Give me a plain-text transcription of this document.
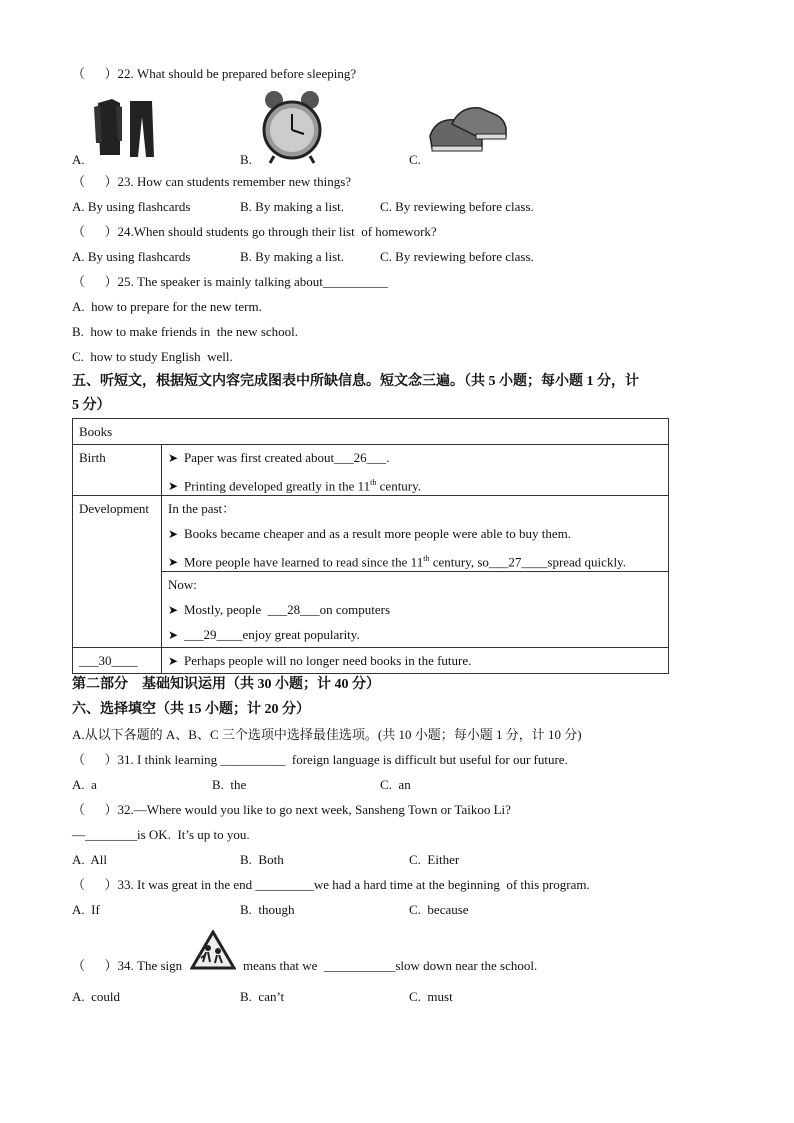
（      ）22. What should be prepared before sleeping?
A.	B.	C.
（      ）23. How can students remember new things?
A. By using flashcards	B. By making a list.	C. By reviewing before class.
（      ）24.When should students go through their list  of homework?
A. By using flashcards	B. By making a list.	C. By reviewing before class.
（      ）25. The speaker is mainly talking about__________
A.  how to prepare for the new term.
B.  how to make friends in  the new school.
C.  how to study English  well.
五、听短文，根据短文内容完成图表中所缺信息。短文念三遍。（共 5 小题；每小题 1 分，计
5 分）
Books	

Birth	➤ Paper was first created about___26___.
➤ Printing developed greatly in the 11th century.

Development	In the past：
➤ Books became cheaper and as a result more people were able to buy them.
➤ More people have learned to read since the 11th century, so___27____spread quickly.

	Now:
➤ Mostly, people  ___28___on computers
➤ ___29____enjoy great popularity.

___30____	➤ Perhaps people will no longer need books in the future.
第二部分    基础知识运用（共 30 小题；计 40 分）
六、选择填空（共 15 小题；计 20 分）
A.从以下各题的 A、B、C 三个选项中选择最佳选项。(共 10 小题；每小题 1 分，计 10 分)
（      ）31. I think learning __________  foreign language is difficult but useful for our future.
A.  a	B.  the	C.  an
（      ）32.—Where would you like to go next week, Sansheng Town or Taikoo Li?
—________is OK.  It’s up to you.
A.  All	B.  Both	C.  Either
（      ）33. It was great in the end _________we had a hard time at the beginning  of this program.
A.  If	B.  though	C.  because
（      ）34. The sign	means that we  ___________slow down near the school.
A.  could	B.  can’t	C.  must
